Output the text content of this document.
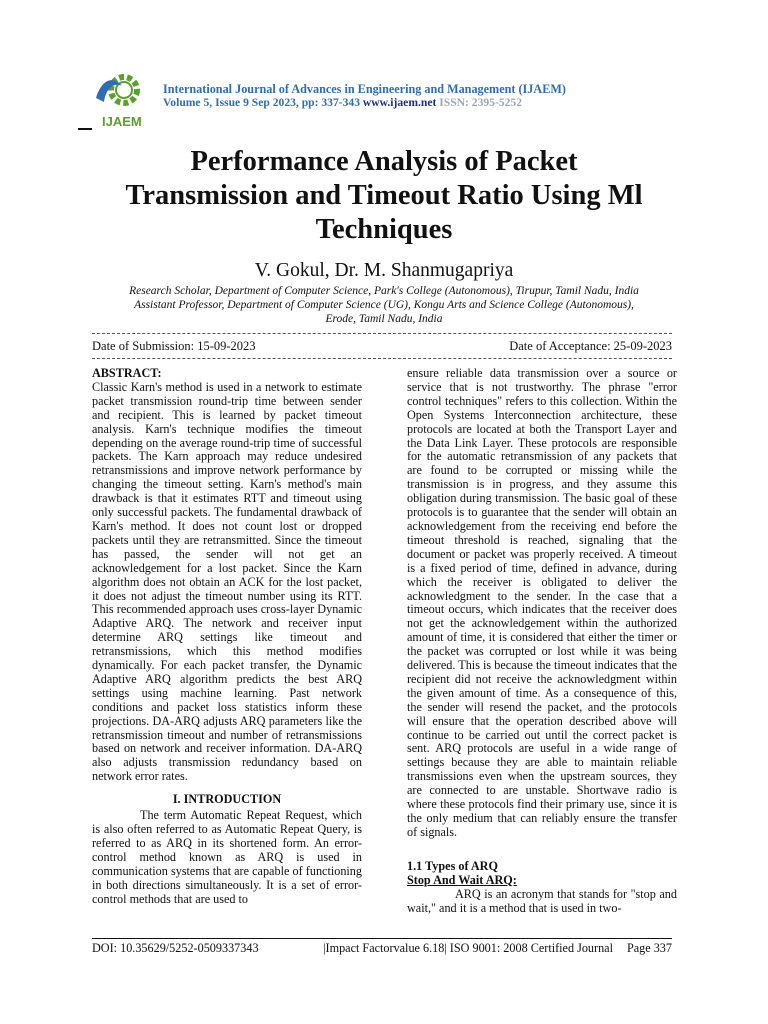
IJAEM
International Journal of Advances in Engineering and Management (IJAEM)
Volume 5, Issue 9 Sep 2023, pp: 337-343 www.ijaem.net ISSN: 2395-5252
Performance Analysis of Packet
Transmission and Timeout Ratio Using Ml
Techniques
V. Gokul, Dr. M. Shanmugapriya
Research Scholar, Department of Computer Science, Park's College (Autonomous), Tirupur, Tamil Nadu, India
Assistant Professor, Department of Computer Science (UG), Kongu Arts and Science College (Autonomous),
Erode, Tamil Nadu, India
Date of Submission: 15-09-2023	Date of Acceptance: 25-09-2023

ABSTRACT:

Classic Karn's method is used in a network to estimate packet transmission round-trip time between sender and recipient. This is learned by packet timeout analysis. Karn's technique modifies the timeout depending on the average round-trip time of successful packets. The Karn approach may reduce undesired retransmissions and improve network performance by changing the timeout setting. Karn's method's main drawback is that it estimates RTT and timeout using only successful packets. The fundamental drawback of Karn's method. It does not count lost or dropped packets until they are retransmitted. Since the timeout has passed, the sender will not get an acknowledgement for a lost packet. Since the Karn algorithm does not obtain an ACK for the lost packet, it does not adjust the timeout number using its RTT. This recommended approach uses cross-layer Dynamic Adaptive ARQ. The network and receiver input determine ARQ settings like timeout and retransmissions, which this method modifies dynamically. For each packet transfer, the Dynamic Adaptive ARQ algorithm predicts the best ARQ settings using machine learning. Past network conditions and packet loss statistics inform these projections. DA-ARQ adjusts ARQ parameters like the retransmission timeout and number of retransmissions based on network and receiver information. DA-ARQ also adjusts transmission redundancy based on network error rates.

I. INTRODUCTION

The term Automatic Repeat Request, which is also often referred to as Automatic Repeat Query, is referred to as ARQ in its shortened form. An error-control method known as ARQ is used in communication systems that are capable of functioning in both directions simultaneously. It is a set of error-control methods that are used to

ensure reliable data transmission over a source or service that is not trustworthy. The phrase "error control techniques" refers to this collection. Within the Open Systems Interconnection architecture, these protocols are located at both the Transport Layer and the Data Link Layer. These protocols are responsible for the automatic retransmission of any packets that are found to be corrupted or missing while the transmission is in progress, and they assume this obligation during transmission. The basic goal of these protocols is to guarantee that the sender will obtain an acknowledgement from the receiving end before the timeout threshold is reached, signaling that the document or packet was properly received. A timeout is a fixed period of time, defined in advance, during which the receiver is obligated to deliver the acknowledgment to the sender. In the case that a timeout occurs, which indicates that the receiver does not get the acknowledgement within the authorized amount of time, it is considered that either the timer or the packet was corrupted or lost while it was being delivered. This is because the timeout indicates that the recipient did not receive the acknowledgment within the given amount of time. As a consequence of this, the sender will resend the packet, and the protocols will ensure that the operation described above will continue to be carried out until the correct packet is sent. ARQ protocols are useful in a wide range of settings because they are able to maintain reliable transmissions even when the upstream sources, they are connected to are unstable. Shortwave radio is where these protocols find their primary use, since it is the only medium that can reliably ensure the transfer of signals.

1.1 Types of ARQ

Stop And Wait ARQ:

ARQ is an acronym that stands for "stop and wait," and it is a method that is used in two-

DOI: 10.35629/5252-0509337343	|Impact Factorvalue 6.18| ISO 9001: 2008 Certified Journal Page 337
